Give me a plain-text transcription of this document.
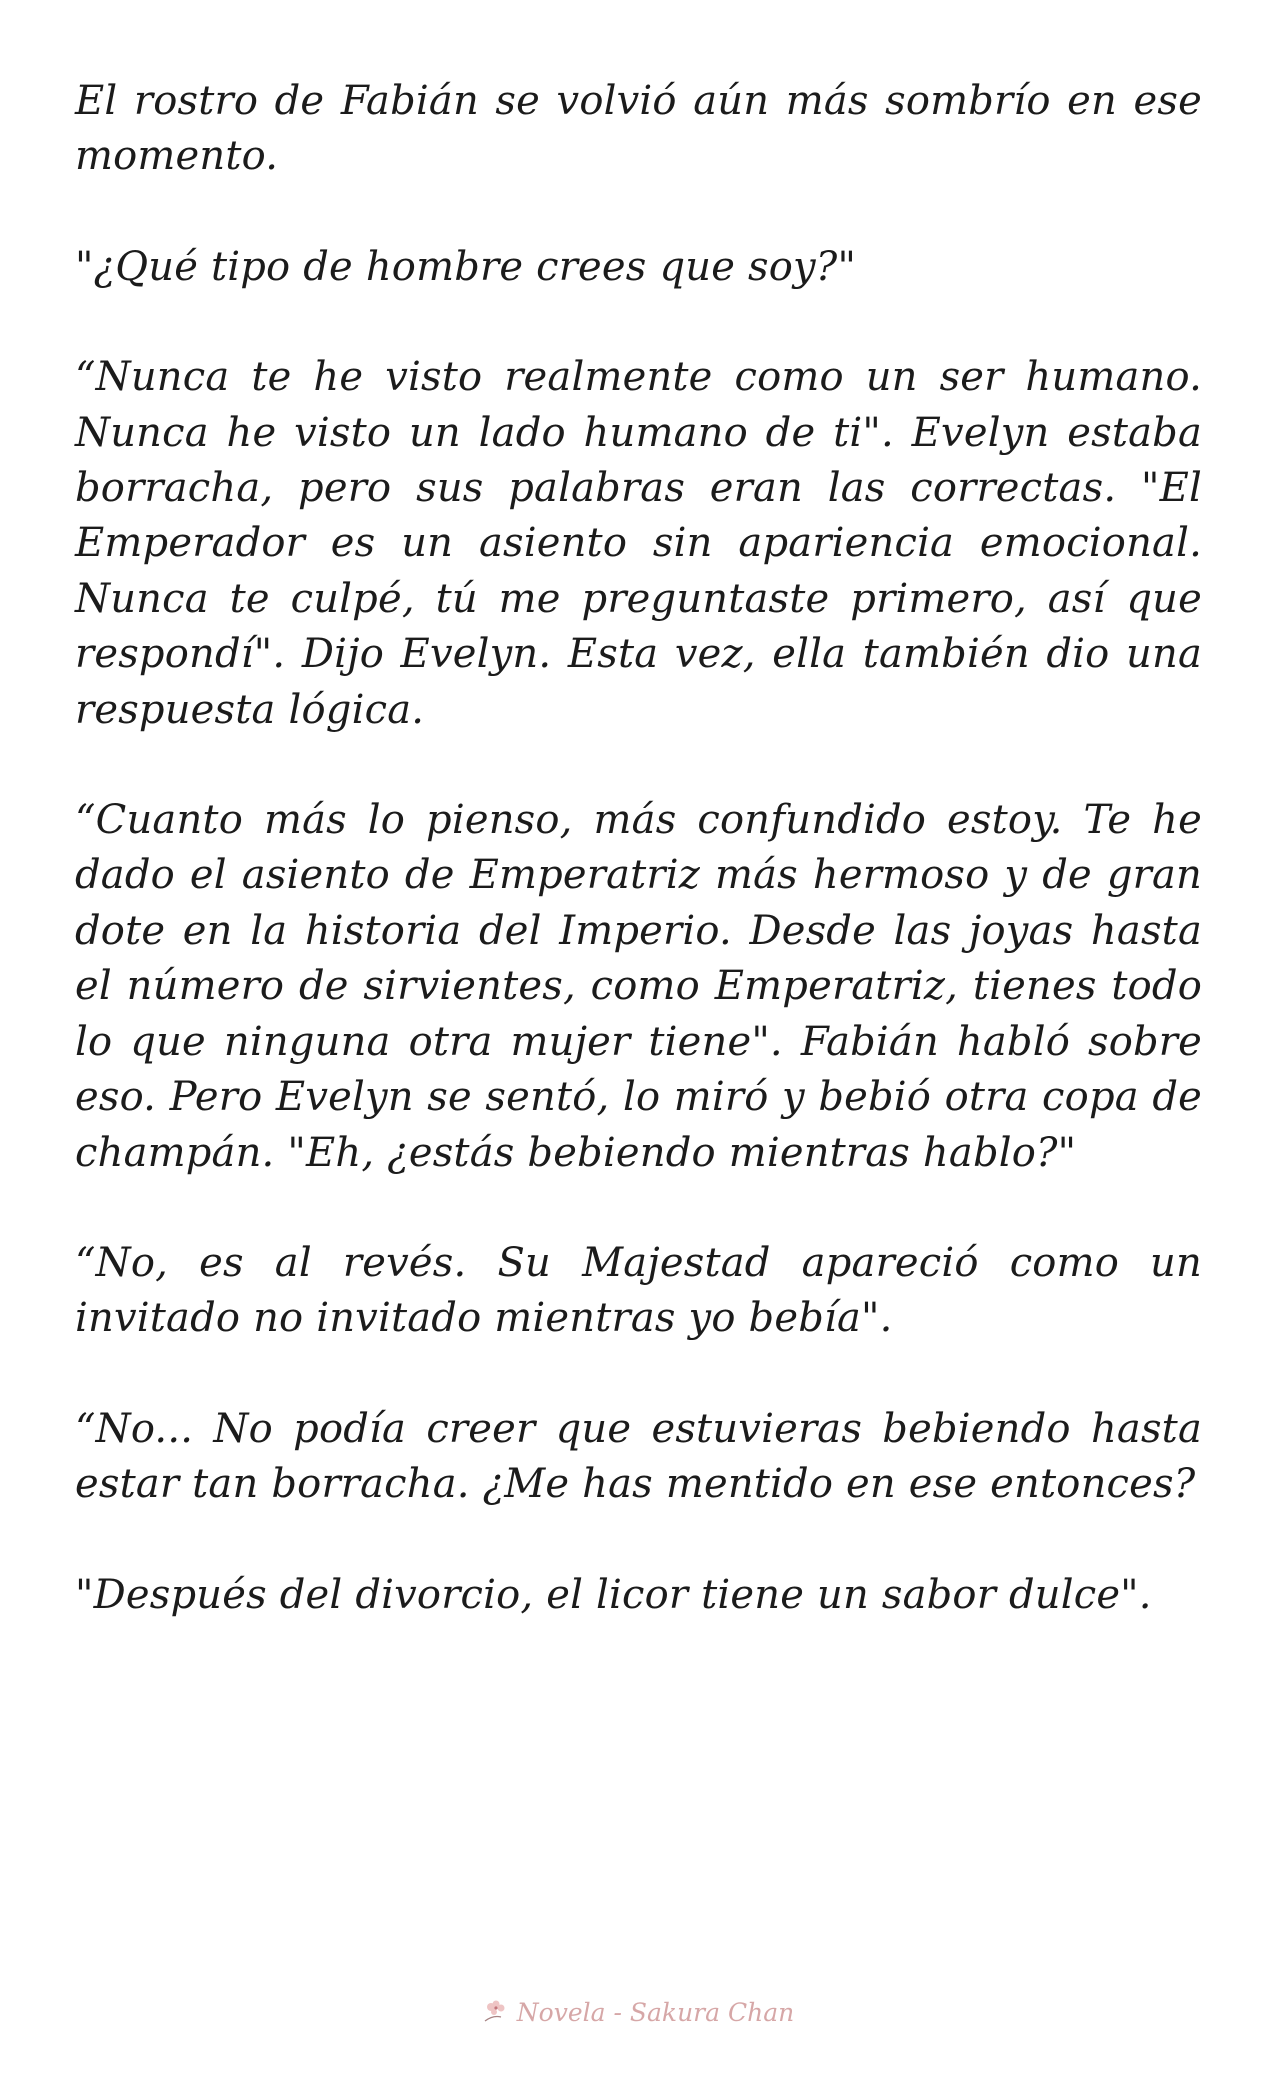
El rostro de Fabián se volvió aún más sombrío en ese momento.

"¿Qué tipo de hombre crees que soy?"

“Nunca te he visto realmente como un ser humano. Nunca he visto un lado humano de ti". Evelyn estaba borracha, pero sus palabras eran las correctas. "El Emperador es un asiento sin apariencia emocional. Nunca te culpé, tú me preguntaste primero, así que respondí". Dijo Evelyn. Esta vez, ella también dio una respuesta lógica.

“Cuanto más lo pienso, más confundido estoy. Te he dado el asiento de Emperatriz más hermoso y de gran dote en la historia del Imperio. Desde las joyas hasta el número de sirvientes, como Emperatriz, tienes todo lo que ninguna otra mujer tiene". Fabián habló sobre eso. Pero Evelyn se sentó, lo miró y bebió otra copa de champán. "Eh, ¿estás bebiendo mientras hablo?"

“No, es al revés. Su Majestad apareció como un invitado no invitado mientras yo bebía".

“No... No podía creer que estuvieras bebiendo hasta estar tan borracha. ¿Me has mentido en ese entonces?

"Después del divorcio, el licor tiene un sabor dulce".

Novela - Sakura Chan
